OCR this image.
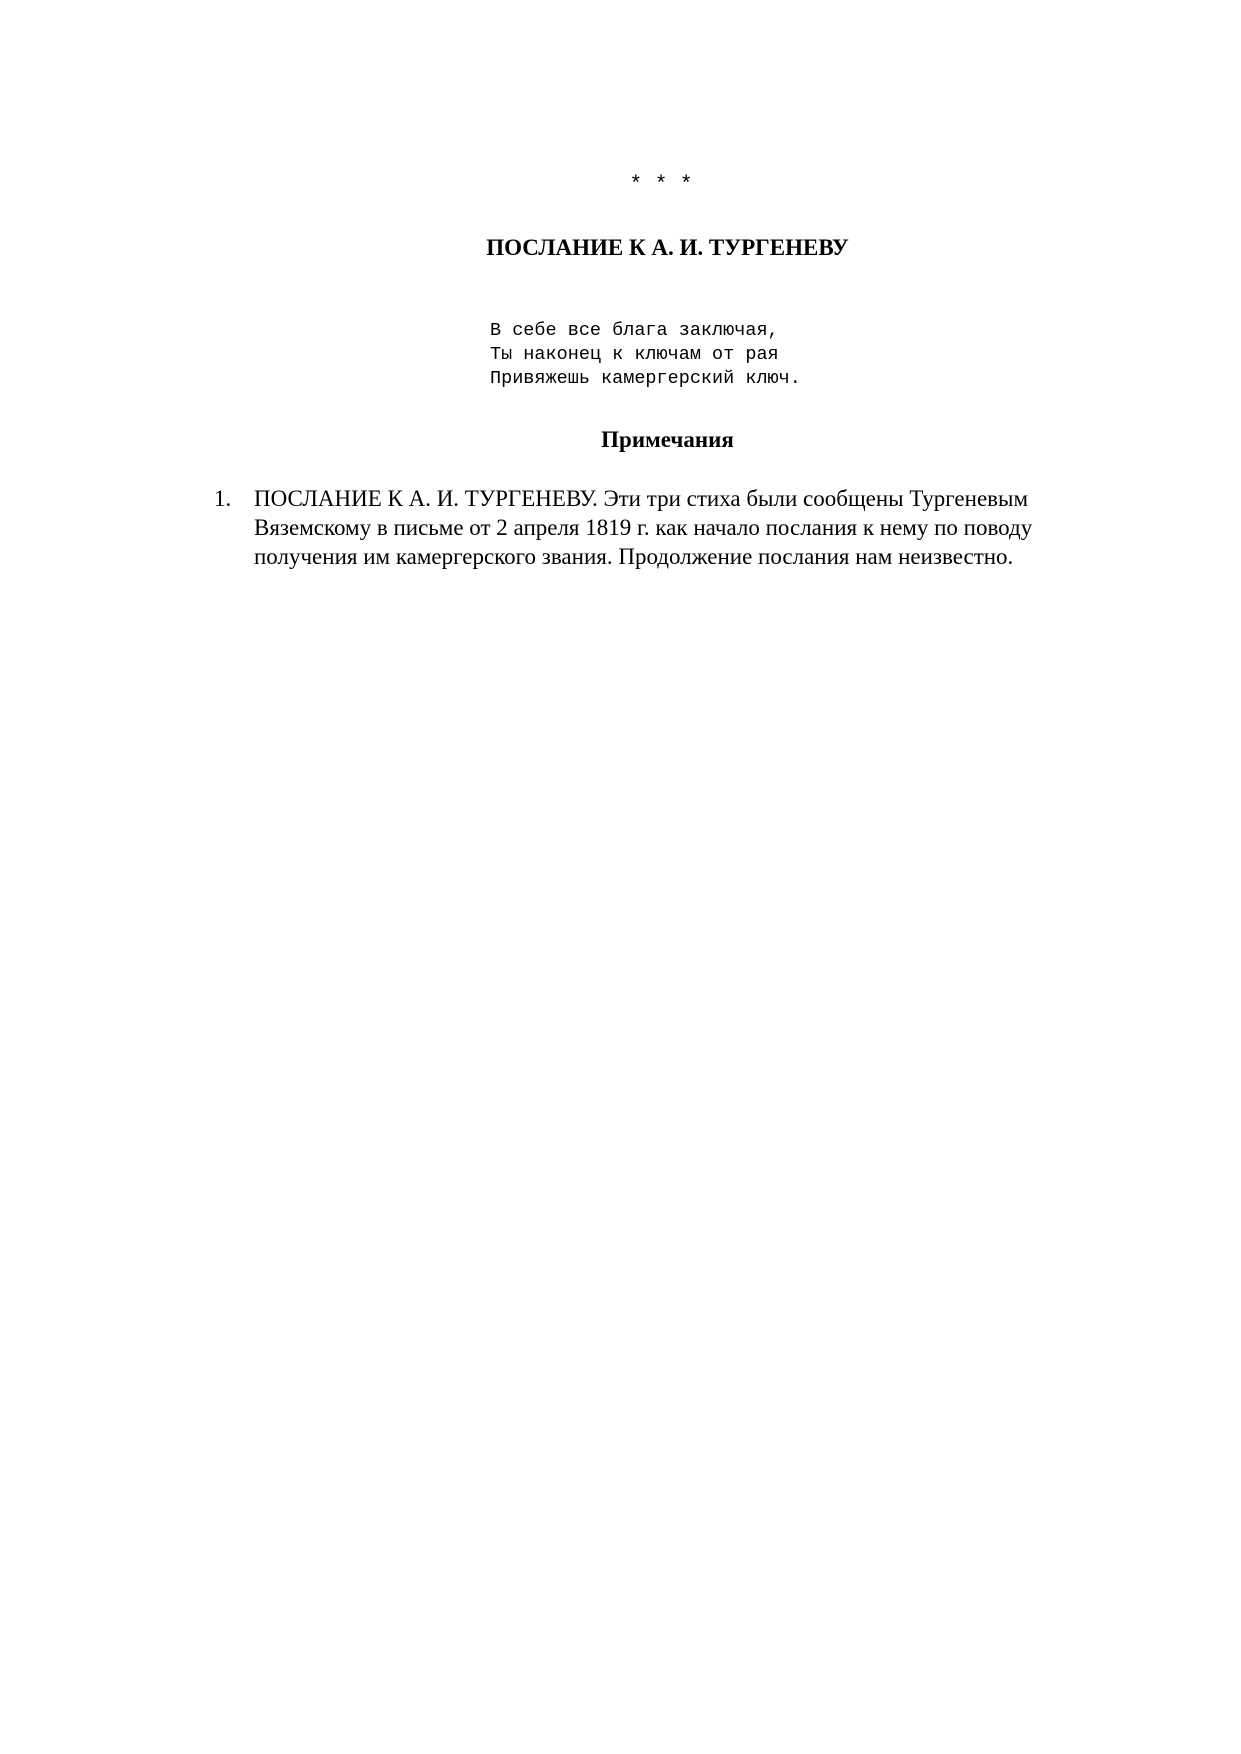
* * *
ПОСЛАНИЕ К А. И. ТУРГЕНЕВУ
В себе все блага заключая,
Ты наконец к ключам от рая
Привяжешь камергерский ключ.
Примечания
1. ПОСЛАНИЕ К А. И. ТУРГЕНЕВУ. Эти три стиха были сообщены Тургеневым Вяземскому в письме от 2 апреля 1819 г. как начало послания к нему по поводу получения им камергерского звания. Продолжение послания нам неизвестно.
